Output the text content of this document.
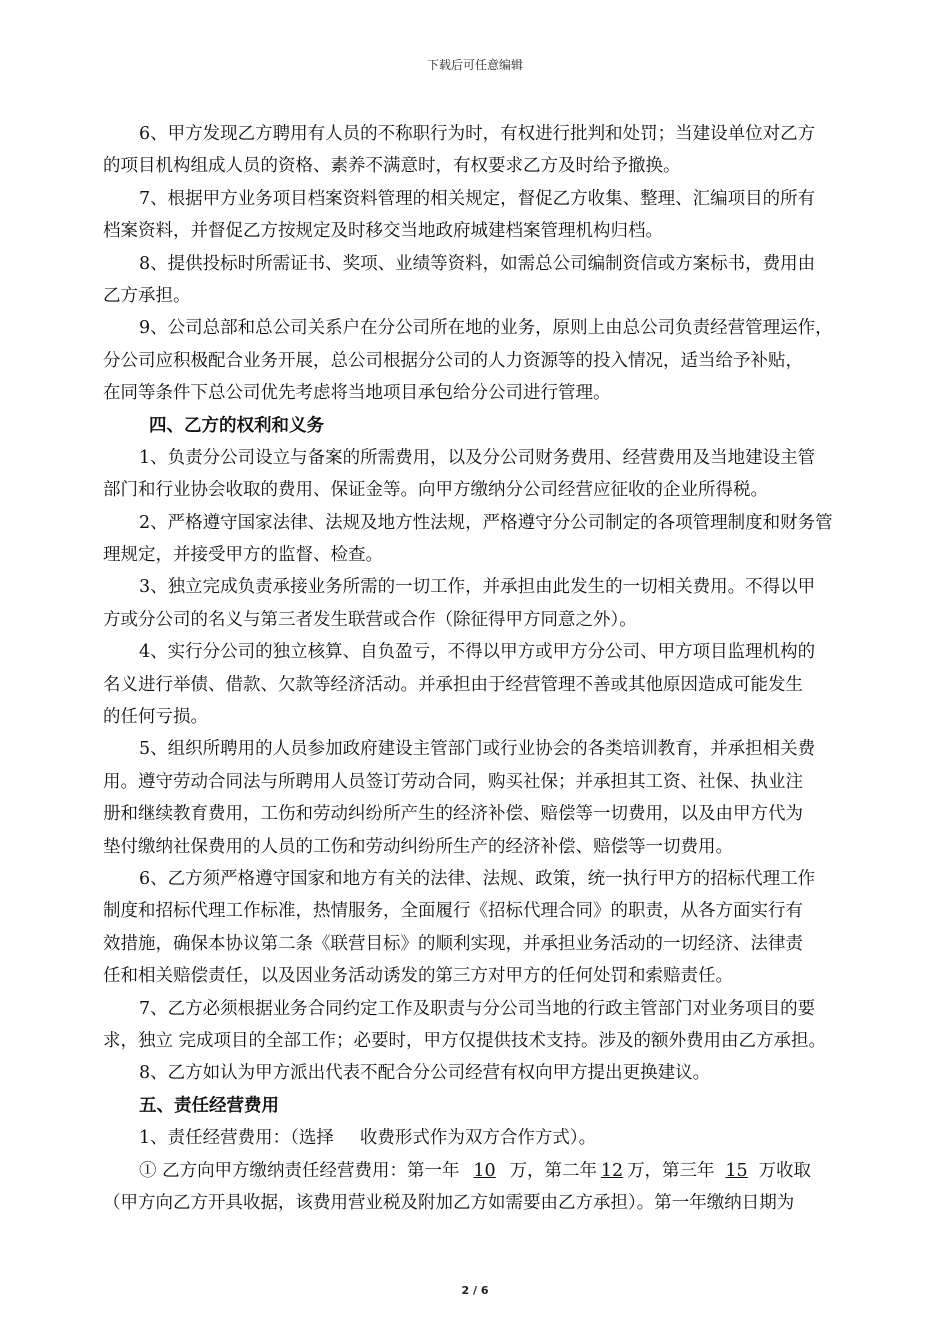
下载后可任意编辑
6、甲方发现乙方聘用有人员的不称职行为时，有权进行批判和处罚；当建设单位对乙方
的项目机构组成人员的资格、素养不满意时，有权要求乙方及时给予撤换。
7、根据甲方业务项目档案资料管理的相关规定，督促乙方收集、整理、汇编项目的所有
档案资料，并督促乙方按规定及时移交当地政府城建档案管理机构归档。
8、提供投标时所需证书、奖项、业绩等资料，如需总公司编制资信或方案标书，费用由
乙方承担。
9、公司总部和总公司关系户在分公司所在地的业务，原则上由总公司负责经营管理运作，
分公司应积极配合业务开展，总公司根据分公司的人力资源等的投入情况，适当给予补贴，
在同等条件下总公司优先考虑将当地项目承包给分公司进行管理。
四、乙方的权利和义务
1、负责分公司设立与备案的所需费用，以及分公司财务费用、经营费用及当地建设主管
部门和行业协会收取的费用、保证金等。向甲方缴纳分公司经营应征收的企业所得税。
2、严格遵守国家法律、法规及地方性法规，严格遵守分公司制定的各项管理制度和财务管
理规定，并接受甲方的监督、检查。
3、独立完成负责承接业务所需的一切工作，并承担由此发生的一切相关费用。不得以甲
方或分公司的名义与第三者发生联营或合作（除征得甲方同意之外）。
4、实行分公司的独立核算、自负盈亏，不得以甲方或甲方分公司、甲方项目监理机构的
名义进行举债、借款、欠款等经济活动。并承担由于经营管理不善或其他原因造成可能发生
的任何亏损。
5、组织所聘用的人员参加政府建设主管部门或行业协会的各类培训教育，并承担相关费
用。遵守劳动合同法与所聘用人员签订劳动合同，购买社保；并承担其工资、社保、执业注
册和继续教育费用，工伤和劳动纠纷所产生的经济补偿、赔偿等一切费用，以及由甲方代为
垫付缴纳社保费用的人员的工伤和劳动纠纷所生产的经济补偿、赔偿等一切费用。
6、乙方须严格遵守国家和地方有关的法律、法规、政策，统一执行甲方的招标代理工作
制度和招标代理工作标准，热情服务，全面履行《招标代理合同》的职责，从各方面实行有
效措施，确保本协议第二条《联营目标》的顺利实现，并承担业务活动的一切经济、法律责
任和相关赔偿责任，以及因业务活动诱发的第三方对甲方的任何处罚和索赔责任。
7、乙方必须根据业务合同约定工作及职责与分公司当地的行政主管部门对业务项目的要
求，独立 完成项目的全部工作；必要时，甲方仅提供技术支持。涉及的额外费用由乙方承担。
8、乙方如认为甲方派出代表不配合分公司经营有权向甲方提出更换建议。
五、责任经营费用
1、责任经营费用：（选择 收费形式作为双方合作方式）。
① 乙方向甲方缴纳责任经营费用：第一年 10 万，第二年 12 万，第三年 15 万收取
（甲方向乙方开具收据，该费用营业税及附加乙方如需要由乙方承担）。第一年缴纳日期为
2 / 6
